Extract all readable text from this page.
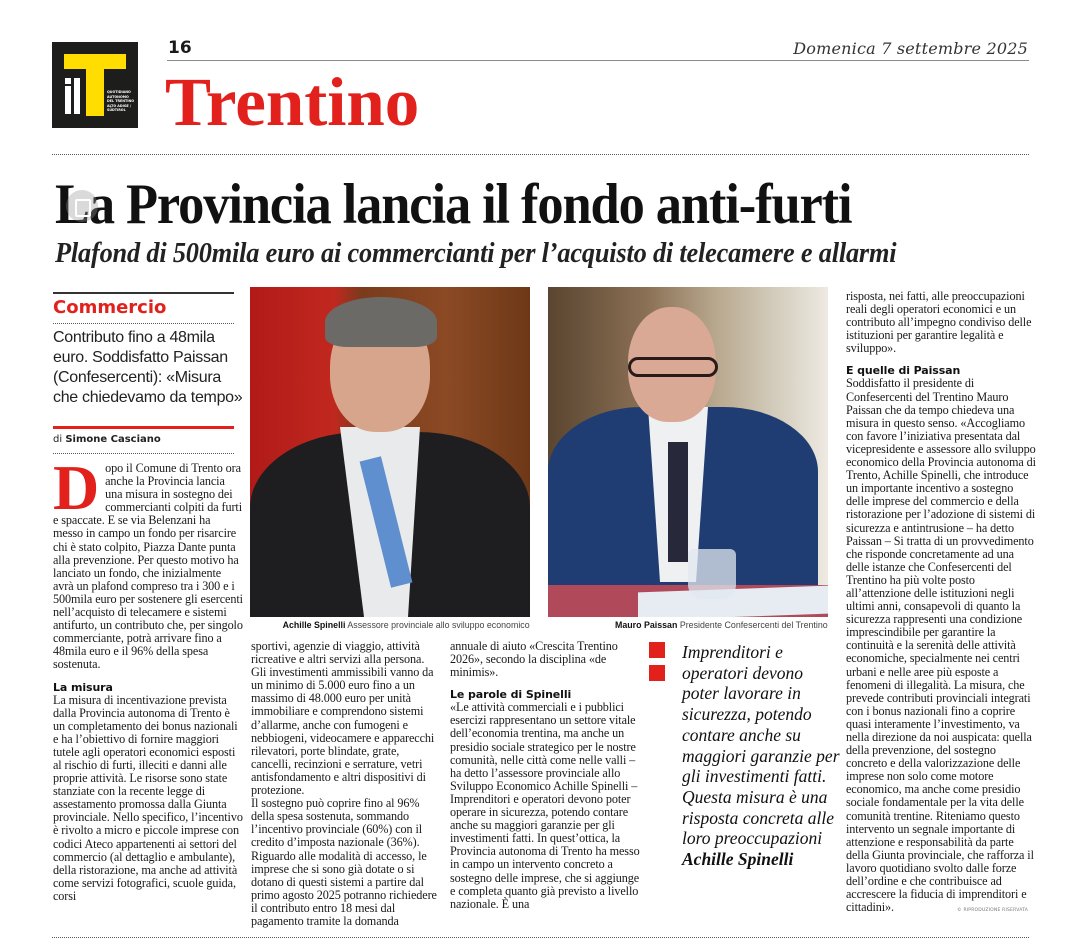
QUOTIDIANO AUTONOMO DEL TRENTINO ALTO ADIGE / SÜDTIROL
16	Domenica 7 settembre 2025
Trentino
La Provincia lancia il fondo anti-furti
Plafond di 500mila euro ai commercianti per l’acquisto di telecamere e allarmi
Commercio
Contributo fino a 48mila euro. Soddisfatto Paissan (Confesercenti): «Misura che chiedevamo da tempo»
di Simone Casciano
D opo il Comune di Trento ora anche la Provincia lancia una misura in sostegno dei commercianti colpiti da furti e spaccate. E se via Belenzani ha messo in campo un fondo per risarcire chi è stato colpito, Piazza Dante punta alla prevenzione. Per questo motivo ha lanciato un fondo, che inizialmente avrà un plafond compreso tra i 300 e i 500mila euro per sostenere gli esercenti nell’acquisto di telecamere e sistemi antifurto, un contributo che, per singolo commerciante, potrà arrivare fino a 48mila euro e il 96% della spesa sostenuta.

La misura

La misura di incentivazione prevista dalla Provincia autonoma di Trento è un completamento dei bonus nazionali e ha l’obiettivo di fornire maggiori tutele agli operatori economici esposti al rischio di furti, illeciti e danni alle proprie attività. Le risorse sono state stanziate con la recente legge di assestamento promossa dalla Giunta provinciale. Nello specifico, l’incentivo è rivolto a micro e piccole imprese con codici Ateco appartenenti ai settori del commercio (al dettaglio e ambulante), della ristorazione, ma anche ad attività come servizi fotografici, scuole guida, corsi

Achille Spinelli Assessore provinciale allo sviluppo economico	Mauro Paissan Presidente Confesercenti del Trentino

sportivi, agenzie di viaggio, attività ricreative e altri servizi alla persona. Gli investimenti ammissibili vanno da un minimo di 5.000 euro fino a un massimo di 48.000 euro per unità immobiliare e comprendono sistemi d’allarme, anche con fumogeni e nebbiogeni, videocamere e apparecchi rilevatori, porte blindate, grate, cancelli, recinzioni e serrature, vetri antisfondamento e altri dispositivi di protezione.

Il sostegno può coprire fino al 96% della spesa sostenuta, sommando l’incentivo provinciale (60%) con il credito d’imposta nazionale (36%). Riguardo alle modalità di accesso, le imprese che si sono già dotate o si dotano di questi sistemi a partire dal primo agosto 2025 potranno richiedere il contributo entro 18 mesi dal pagamento tramite la domanda

annuale di aiuto «Crescita Trentino 2026», secondo la disciplina «de minimis».

Le parole di Spinelli

«Le attività commerciali e i pubblici esercizi rappresentano un settore vitale dell’economia trentina, ma anche un presidio sociale strategico per le nostre comunità, nelle città come nelle valli – ha detto l’assessore provinciale allo Sviluppo Economico Achille Spinelli – Imprenditori e operatori devono poter operare in sicurezza, potendo contare anche su maggiori garanzie per gli investimenti fatti. In quest’ottica, la Provincia autonoma di Trento ha messo in campo un intervento concreto a sostegno delle imprese, che si aggiunge e completa quanto già previsto a livello nazionale. È una

Imprenditori e operatori devono poter lavorare in sicurezza, potendo contare anche su maggiori garanzie per gli investimenti fatti. Questa misura è una risposta concreta alle loro preoccupazioni
Achille Spinelli

risposta, nei fatti, alle preoccupazioni reali degli operatori economici e un contributo all’impegno condiviso delle istituzioni per garantire legalità e sviluppo».

E quelle di Paissan

Soddisfatto il presidente di Confesercenti del Trentino Mauro Paissan che da tempo chiedeva una misura in questo senso. «Accogliamo con favore l’iniziativa presentata dal vicepresidente e assessore allo sviluppo economico della Provincia autonoma di Trento, Achille Spinelli, che introduce un importante incentivo a sostegno delle imprese del commercio e della ristorazione per l’adozione di sistemi di sicurezza e antintrusione – ha detto Paissan – Si tratta di un provvedimento che risponde concretamente ad una delle istanze che Confesercenti del Trentino ha più volte posto all’attenzione delle istituzioni negli ultimi anni, consapevoli di quanto la sicurezza rappresenti una condizione imprescindibile per garantire la continuità e la serenità delle attività economiche, specialmente nei centri urbani e nelle aree più esposte a fenomeni di illegalità. La misura, che prevede contributi provinciali integrati con i bonus nazionali fino a coprire quasi interamente l’investimento, va nella direzione da noi auspicata: quella della prevenzione, del sostegno concreto e della valorizzazione delle imprese non solo come motore economico, ma anche come presidio sociale fondamentale per la vita delle comunità trentine. Riteniamo questo intervento un segnale importante di attenzione e responsabilità da parte della Giunta provinciale, che rafforza il lavoro quotidiano svolto dalle forze dell’ordine e che contribuisce ad accrescere la fiducia di imprenditori e cittadini».	© RIPRODUZIONE RISERVATA
